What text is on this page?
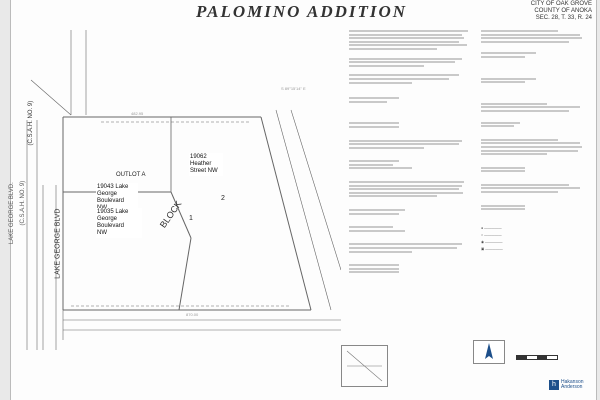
PALOMINO ADDITION	CITY OF OAK GROVE
COUNTY OF ANOKA
SEC. 28, T. 33, R. 24
482.95
870.00
S 89°15'14" E
LAKE GEORGE BLVD. (C.S.A.H. NO. 9)
LAKE GEORGE BLVD
(C.S.A.H. NO. 9)
OUTLOT A
BLOCK 1
2
19043 Lake
George
Boulevard

19062
Heather
Street NW
19035 Lake
George
Boulevard
NW
● —————
○ —————
◉ —————
▣ —————
h	Hakanson
Anderson
